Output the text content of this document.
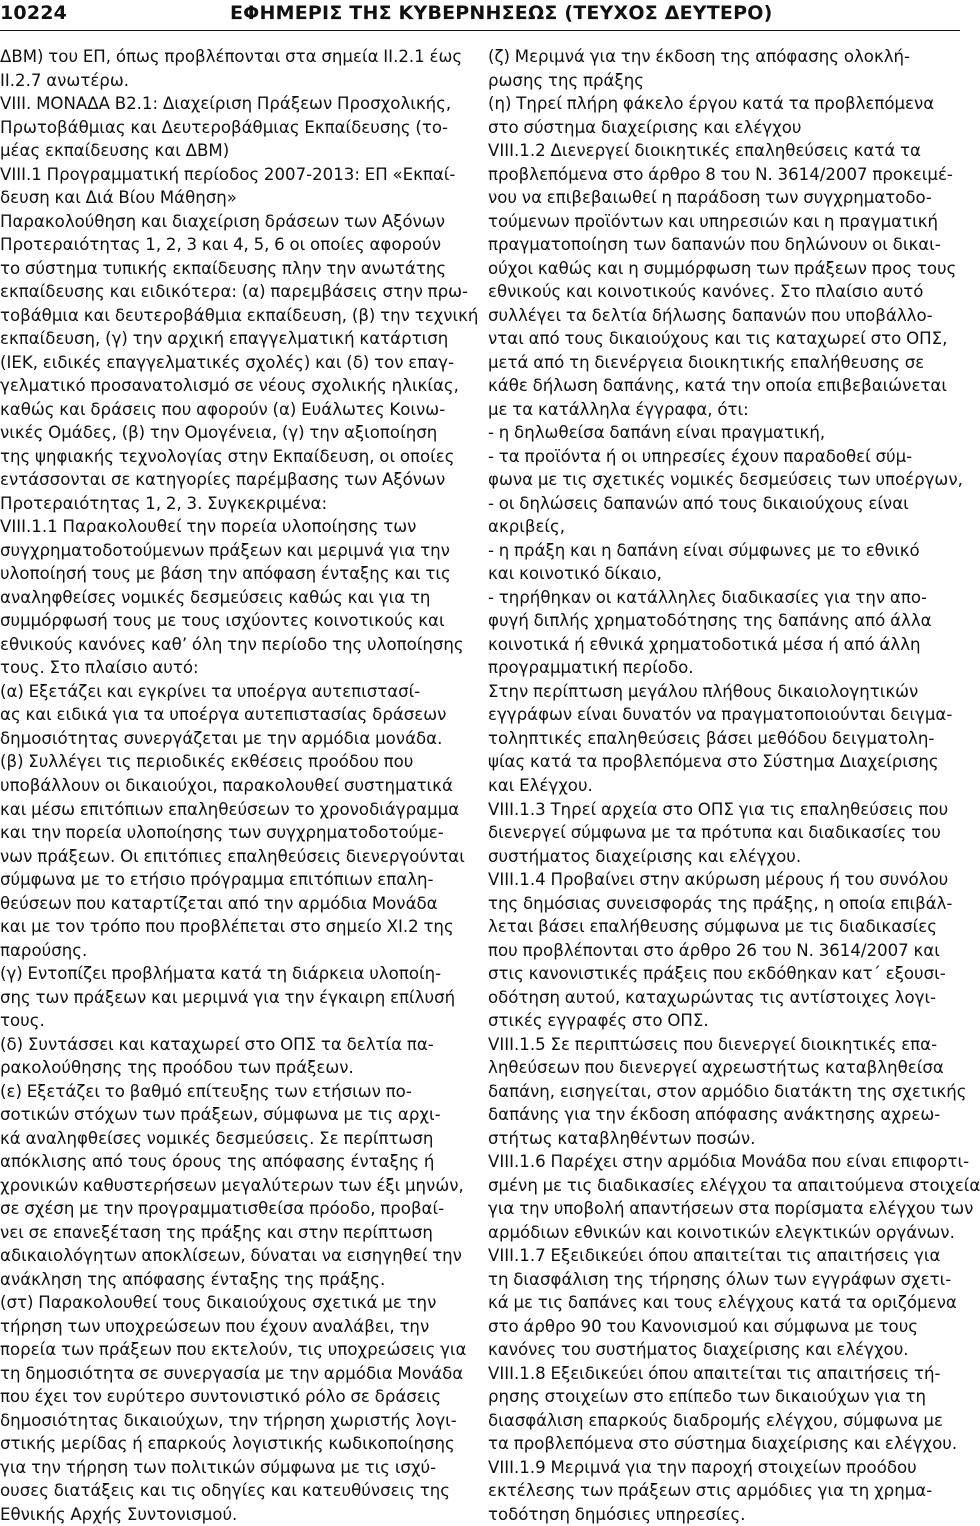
10224	ΕΦΗΜΕΡΙΣ ΤΗΣ ΚΥΒΕΡΝΗΣΕΩΣ (ΤΕΥΧΟΣ ΔΕΥΤΕΡΟ)
ΔΒΜ) του ΕΠ, όπως προβλέπονται στα σημεία ΙΙ.2.1 έως
ΙΙ.2.7 ανωτέρω.
VIII. ΜΟΝΑΔΑ Β2.1: Διαχείριση Πράξεων Προσχολικής,
Πρωτοβάθμιας και Δευτεροβάθμιας Εκπαίδευσης (το‐
μέας εκπαίδευσης και ΔΒΜ)
VIII.1 Προγραμματική περίοδος 2007‐2013: ΕΠ «Εκπαί‐
δευση και Διά Βίου Μάθηση»
Παρακολούθηση και διαχείριση δράσεων των Αξόνων
Προτεραιότητας 1, 2, 3 και 4, 5, 6 οι οποίες αφορούν
το σύστημα τυπικής εκπαίδευσης πλην την ανωτάτης
εκπαίδευσης και ειδικότερα: (α) παρεμβάσεις στην πρω‐
τοβάθμια και δευτεροβάθμια εκπαίδευση, (β) την τεχνική
εκπαίδευση, (γ) την αρχική επαγγελματική κατάρτιση
(ΙΕΚ, ειδικές επαγγελματικές σχολές) και (δ) τον επαγ‐
γελματικό προσανατολισμό σε νέους σχολικής ηλικίας,
καθώς και δράσεις που αφορούν (α) Ευάλωτες Κοινω‐
νικές Ομάδες, (β) την Ομογένεια, (γ) την αξιοποίηση
της ψηφιακής τεχνολογίας στην Εκπαίδευση, οι οποίες
εντάσσονται σε κατηγορίες παρέμβασης των Αξόνων
Προτεραιότητας 1, 2, 3. Συγκεκριμένα:
VIII.1.1 Παρακολουθεί την πορεία υλοποίησης των
συγχρηματοδοτούμενων πράξεων και μεριμνά για την
υλοποίησή τους με βάση την απόφαση ένταξης και τις
αναληφθείσες νομικές δεσμεύσεις καθώς και για τη
συμμόρφωσή τους με τους ισχύοντες κοινοτικούς και
εθνικούς κανόνες καθ’ όλη την περίοδο της υλοποίησης
τους. Στο πλαίσιο αυτό:
(α) Εξετάζει και εγκρίνει τα υποέργα αυτεπιστασί‐
ας και ειδικά για τα υποέργα αυτεπιστασίας δράσεων
δημοσιότητας συνεργάζεται με την αρμόδια μονάδα.
(β) Συλλέγει τις περιοδικές εκθέσεις προόδου που
υποβάλλουν οι δικαιούχοι, παρακολουθεί συστηματικά
και μέσω επιτόπιων επαληθεύσεων το χρονοδιάγραμμα
και την πορεία υλοποίησης των συγχρηματοδοτούμε‐
νων πράξεων. Οι επιτόπιες επαληθεύσεις διενεργούνται
σύμφωνα με το ετήσιο πρόγραμμα επιτόπιων επαλη‐
θεύσεων που καταρτίζεται από την αρμόδια Μονάδα
και με τον τρόπο που προβλέπεται στο σημείο ΧΙ.2 της
παρούσης.
(γ) Εντοπίζει προβλήματα κατά τη διάρκεια υλοποίη‐
σης των πράξεων και μεριμνά για την έγκαιρη επίλυσή
τους.
(δ) Συντάσσει και καταχωρεί στο ΟΠΣ τα δελτία πα‐
ρακολούθησης της προόδου των πράξεων.
(ε) Εξετάζει το βαθμό επίτευξης των ετήσιων πο‐
σοτικών στόχων των πράξεων, σύμφωνα με τις αρχι‐
κά αναληφθείσες νομικές δεσμεύσεις. Σε περίπτωση
απόκλισης από τους όρους της απόφασης ένταξης ή
χρονικών καθυστερήσεων μεγαλύτερων των έξι μηνών,
σε σχέση με την προγραμματισθείσα πρόοδο, προβαί‐
νει σε επανεξέταση της πράξης και στην περίπτωση
αδικαιολόγητων αποκλίσεων, δύναται να εισηγηθεί την
ανάκληση της απόφασης ένταξης της πράξης.
(στ) Παρακολουθεί τους δικαιούχους σχετικά με την
τήρηση των υποχρεώσεων που έχουν αναλάβει, την
πορεία των πράξεων που εκτελούν, τις υποχρεώσεις για
τη δημοσιότητα σε συνεργασία με την αρμόδια Μονάδα
που έχει τον ευρύτερο συντονιστικό ρόλο σε δράσεις
δημοσιότητας δικαιούχων, την τήρηση χωριστής λογι‐
στικής μερίδας ή επαρκούς λογιστικής κωδικοποίησης
για την τήρηση των πολιτικών σύμφωνα με τις ισχύ‐
ουσες διατάξεις και τις οδηγίες και κατευθύνσεις της
Εθνικής Αρχής Συντονισμού.
(ζ) Μεριμνά για την έκδοση της απόφασης ολοκλή‐
ρωσης της πράξης
(η) Τηρεί πλήρη φάκελο έργου κατά τα προβλεπόμενα
στο σύστημα διαχείρισης και ελέγχου
VIII.1.2 Διενεργεί διοικητικές επαληθεύσεις κατά τα
προβλεπόμενα στο άρθρο 8 του Ν. 3614/2007 προκειμέ‐
νου να επιβεβαιωθεί η παράδοση των συγχρηματοδο‐
τούμενων προϊόντων και υπηρεσιών και η πραγματική
πραγματοποίηση των δαπανών που δηλώνουν οι δικαι‐
ούχοι καθώς και η συμμόρφωση των πράξεων προς τους
εθνικούς και κοινοτικούς κανόνες. Στο πλαίσιο αυτό
συλλέγει τα δελτία δήλωσης δαπανών που υποβάλλο‐
νται από τους δικαιούχους και τις καταχωρεί στο ΟΠΣ,
μετά από τη διενέργεια διοικητικής επαλήθευσης σε
κάθε δήλωση δαπάνης, κατά την οποία επιβεβαιώνεται
με τα κατάλληλα έγγραφα, ότι:
‐ η δηλωθείσα δαπάνη είναι πραγματική,
‐ τα προϊόντα ή οι υπηρεσίες έχουν παραδοθεί σύμ‐
φωνα με τις σχετικές νομικές δεσμεύσεις των υποέργων,
‐ οι δηλώσεις δαπανών από τους δικαιούχους είναι
ακριβείς,
‐ η πράξη και η δαπάνη είναι σύμφωνες με το εθνικό
και κοινοτικό δίκαιο,
‐ τηρήθηκαν οι κατάλληλες διαδικασίες για την απο‐
φυγή διπλής χρηματοδότησης της δαπάνης από άλλα
κοινοτικά ή εθνικά χρηματοδοτικά μέσα ή από άλλη
προγραμματική περίοδο.
Στην περίπτωση μεγάλου πλήθους δικαιολογητικών
εγγράφων είναι δυνατόν να πραγματοποιούνται δειγμα‐
τοληπτικές επαληθεύσεις βάσει μεθόδου δειγματολη‐
ψίας κατά τα προβλεπόμενα στο Σύστημα Διαχείρισης
και Ελέγχου.
VIII.1.3 Τηρεί αρχεία στο ΟΠΣ για τις επαληθεύσεις που
διενεργεί σύμφωνα με τα πρότυπα και διαδικασίες του
συστήματος διαχείρισης και ελέγχου.
VIII.1.4 Προβαίνει στην ακύρωση μέρους ή του συνόλου
της δημόσιας συνεισφοράς της πράξης, η οποία επιβάλ‐
λεται βάσει επαλήθευσης σύμφωνα με τις διαδικασίες
που προβλέπονται στο άρθρο 26 του Ν. 3614/2007 και
στις κανονιστικές πράξεις που εκδόθηκαν κατ΄ εξουσι‐
οδότηση αυτού, καταχωρώντας τις αντίστοιχες λογι‐
στικές εγγραφές στο ΟΠΣ.
VIII.1.5 Σε περιπτώσεις που διενεργεί διοικητικές επα‐
ληθεύσεων που διενεργεί αχρεωστήτως καταβληθείσα
δαπάνη, εισηγείται, στον αρμόδιο διατάκτη της σχετικής
δαπάνης για την έκδοση απόφασης ανάκτησης αχρεω‐
στήτως καταβληθέντων ποσών.
VIII.1.6 Παρέχει στην αρμόδια Μονάδα που είναι επιφορτι‐
σμένη με τις διαδικασίες ελέγχου τα απαιτούμενα στοιχεία
για την υποβολή απαντήσεων στα πορίσματα ελέγχου των
αρμόδιων εθνικών και κοινοτικών ελεγκτικών οργάνων.
VIII.1.7 Εξειδικεύει όπου απαιτείται τις απαιτήσεις για
τη διασφάλιση της τήρησης όλων των εγγράφων σχετι‐
κά με τις δαπάνες και τους ελέγχους κατά τα οριζόμενα
στο άρθρο 90 του Κανονισμού και σύμφωνα με τους
κανόνες του συστήματος διαχείρισης και ελέγχου.
VIII.1.8 Εξειδικεύει όπου απαιτείται τις απαιτήσεις τή‐
ρησης στοιχείων στο επίπεδο των δικαιούχων για τη
διασφάλιση επαρκούς διαδρομής ελέγχου, σύμφωνα με
τα προβλεπόμενα στο σύστημα διαχείρισης και ελέγχου.
VIII.1.9 Μεριμνά για την παροχή στοιχείων προόδου
εκτέλεσης των πράξεων στις αρμόδιες για τη χρημα‐
τοδότηση δημόσιες υπηρεσίες.
